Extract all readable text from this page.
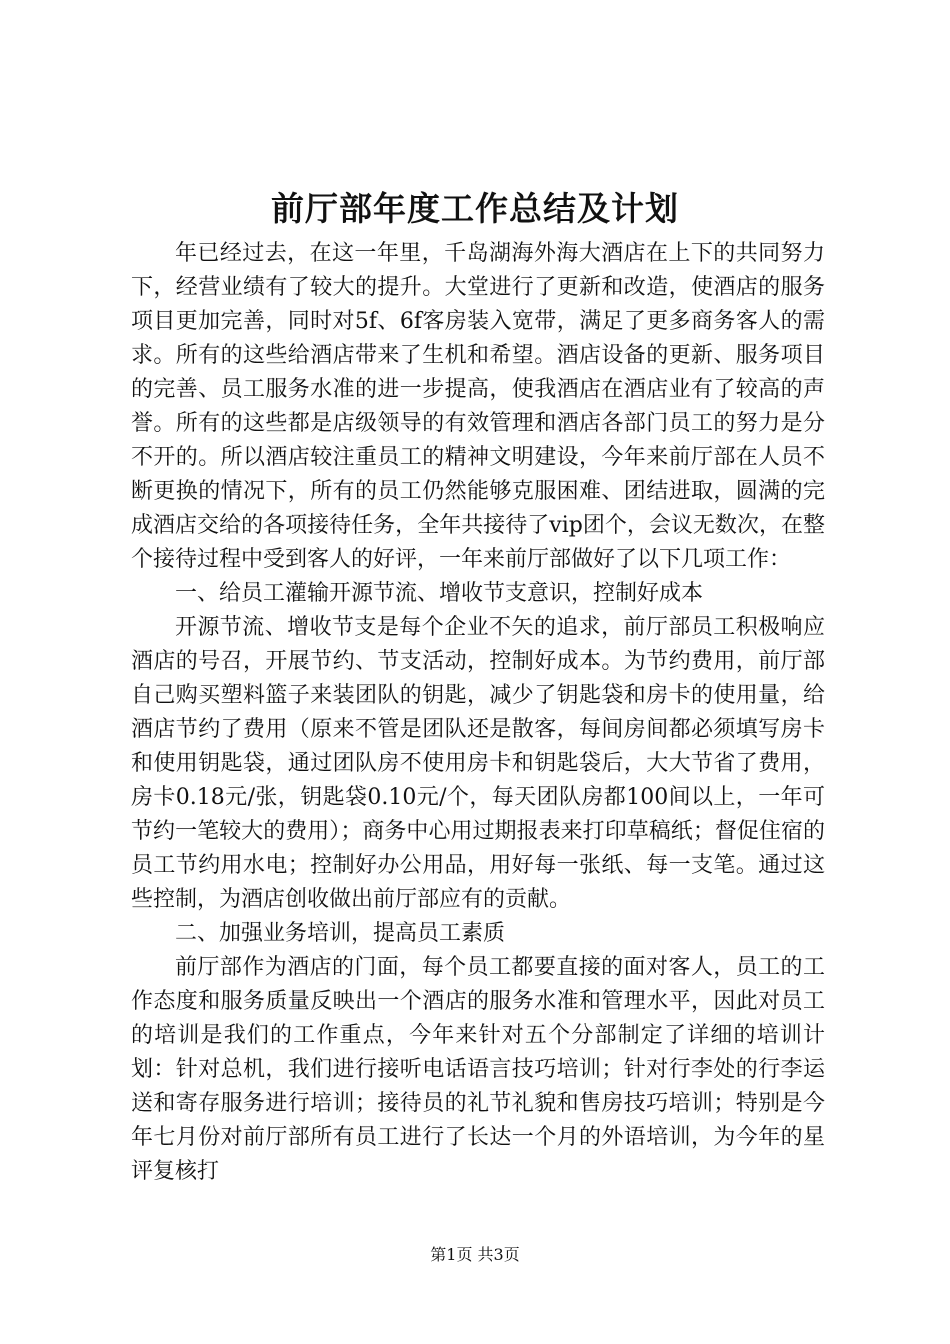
前厅部年度工作总结及计划

年已经过去，在这一年里，千岛湖海外海大酒店在上下的共同努力下，经营业绩有了较大的提升。大堂进行了更新和改造，使酒店的服务项目更加完善，同时对5f、6f客房装入宽带，满足了更多商务客人的需求。所有的这些给酒店带来了生机和希望。酒店设备的更新、服务项目的完善、员工服务水准的进一步提高，使我酒店在酒店业有了较高的声誉。所有的这些都是店级领导的有效管理和酒店各部门员工的努力是分不开的。所以酒店较注重员工的精神文明建设，今年来前厅部在人员不断更换的情况下，所有的员工仍然能够克服困难、团结进取，圆满的完成酒店交给的各项接待任务，全年共接待了vip团个，会议无数次，在整个接待过程中受到客人的好评，一年来前厅部做好了以下几项工作：

一、给员工灌输开源节流、增收节支意识，控制好成本

开源节流、增收节支是每个企业不矢的追求，前厅部员工积极响应酒店的号召，开展节约、节支活动，控制好成本。为节约费用，前厅部自己购买塑料篮子来装团队的钥匙，减少了钥匙袋和房卡的使用量，给酒店节约了费用（原来不管是团队还是散客，每间房间都必须填写房卡和使用钥匙袋，通过团队房不使用房卡和钥匙袋后，大大节省了费用，房卡0.18元/张，钥匙袋0.10元/个，每天团队房都100间以上，一年可节约一笔较大的费用）；商务中心用过期报表来打印草稿纸；督促住宿的员工节约用水电；控制好办公用品，用好每一张纸、每一支笔。通过这些控制，为酒店创收做出前厅部应有的贡献。

二、加强业务培训，提高员工素质

前厅部作为酒店的门面，每个员工都要直接的面对客人，员工的工作态度和服务质量反映出一个酒店的服务水准和管理水平，因此对员工的培训是我们的工作重点，今年来针对五个分部制定了详细的培训计划：针对总机，我们进行接听电话语言技巧培训；针对行李处的行李运送和寄存服务进行培训；接待员的礼节礼貌和售房技巧培训；特别是今年七月份对前厅部所有员工进行了长达一个月的外语培训，为今年的星评复核打

第1页 共3页
